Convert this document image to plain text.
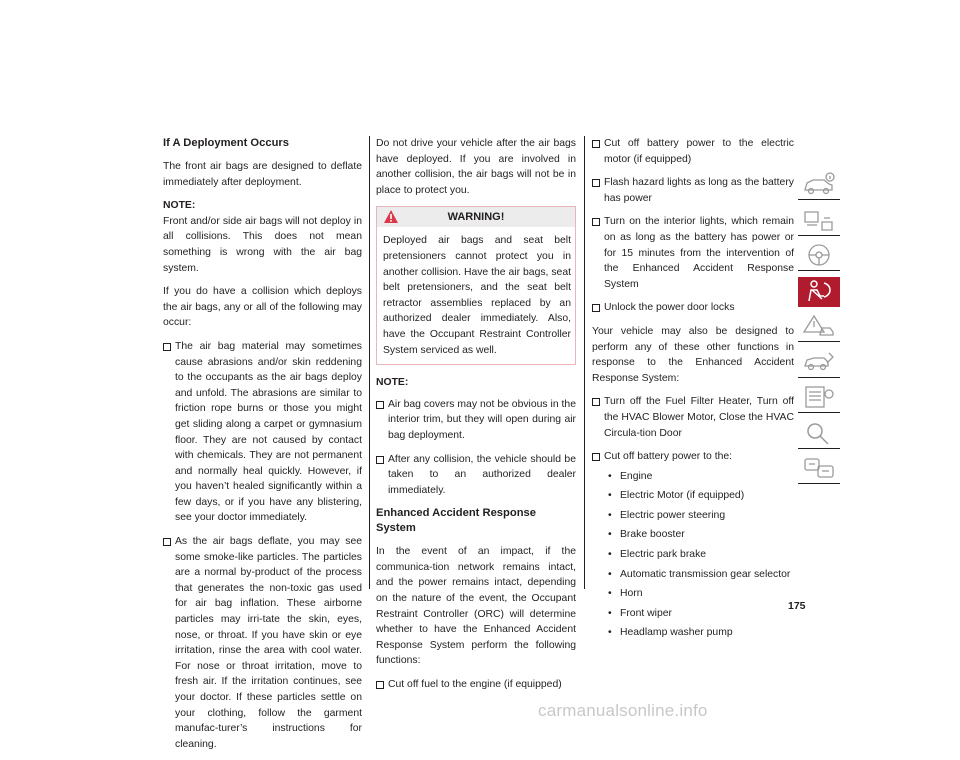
If A Deployment Occurs

The front air bags are designed to deflate immediately after deployment.

NOTE:
Front and/or side air bags will not deploy in all collisions. This does not mean something is wrong with the air bag system.

If you do have a collision which deploys the air bags, any or all of the following may occur:

The air bag material may sometimes cause abrasions and/or skin reddening to the occupants as the air bags deploy and unfold. The abrasions are similar to friction rope burns or those you might get sliding along a carpet or gymnasium floor. They are not caused by contact with chemicals. They are not permanent and normally heal quickly. However, if you haven’t healed significantly within a few days, or if you have any blistering, see your doctor immediately.
As the air bags deflate, you may see some smoke-like particles. The particles are a normal by-product of the process that generates the non-toxic gas used for air bag inflation. These airborne particles may irri-tate the skin, eyes, nose, or throat. If you have skin or eye irritation, rinse the area with cool water. For nose or throat irritation, move to fresh air. If the irritation continues, see your doctor. If these particles settle on your clothing, follow the garment manufac-turer’s instructions for cleaning.

Do not drive your vehicle after the air bags have deployed. If you are involved in another collision, the air bags will not be in place to protect you.

WARNING!
Deployed air bags and seat belt pretensioners cannot protect you in another collision. Have the air bags, seat belt pretensioners, and the seat belt retractor assemblies replaced by an authorized dealer immediately. Also, have the Occupant Restraint Controller System serviced as well.
NOTE:
Air bag covers may not be obvious in the interior trim, but they will open during air bag deployment.
After any collision, the vehicle should be taken to an authorized dealer immediately.
Enhanced Accident Response System

In the event of an impact, if the communica-tion network remains intact, and the power remains intact, depending on the nature of the event, the Occupant Restraint Controller (ORC) will determine whether to have the Enhanced Accident Response System perform the following functions:

Cut off fuel to the engine (if equipped)
Cut off battery power to the electric motor (if equipped)
Flash hazard lights as long as the battery has power
Turn on the interior lights, which remain on as long as the battery has power or for 15 minutes from the intervention of the Enhanced Accident Response System
Unlock the power door locks

Your vehicle may also be designed to perform any of these other functions in response to the Enhanced Accident Response System:

Turn off the Fuel Filter Heater, Turn off the HVAC Blower Motor, Close the HVAC Circula-tion Door
Cut off battery power to the:
• Engine
• Electric Motor (if equipped)
• Electric power steering
• Brake booster
• Electric park brake
• Automatic transmission gear selector
• Horn
• Front wiper
• Headlamp washer pump
175
carmanualsonline.info
